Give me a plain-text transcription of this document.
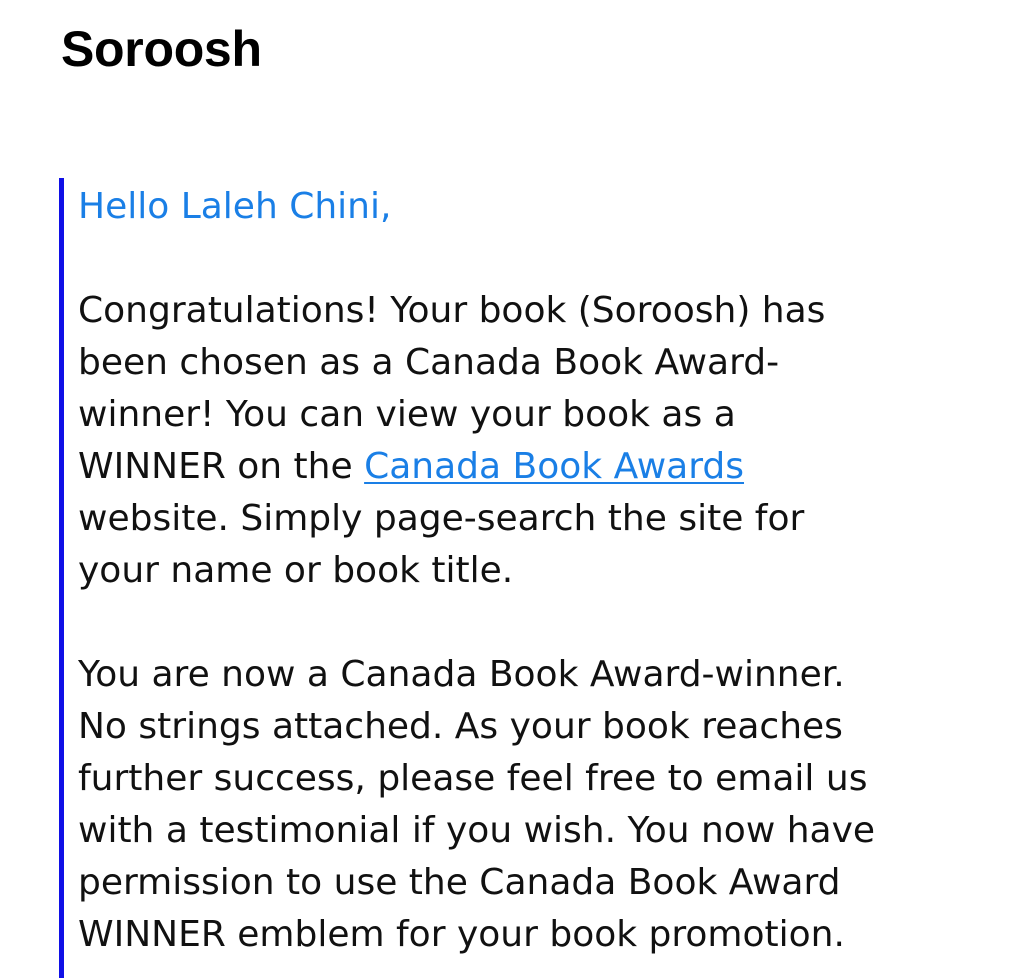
Soroosh
Hello Laleh Chini,
Congratulations! Your book (Soroosh) has
been chosen as a Canada Book Award-
winner! You can view your book as a
WINNER on the Canada Book Awards
website. Simply page-search the site for
your name or book title.
You are now a Canada Book Award-winner.
No strings attached. As your book reaches
further success, please feel free to email us
with a testimonial if you wish. You now have
permission to use the Canada Book Award
WINNER emblem for your book promotion.
